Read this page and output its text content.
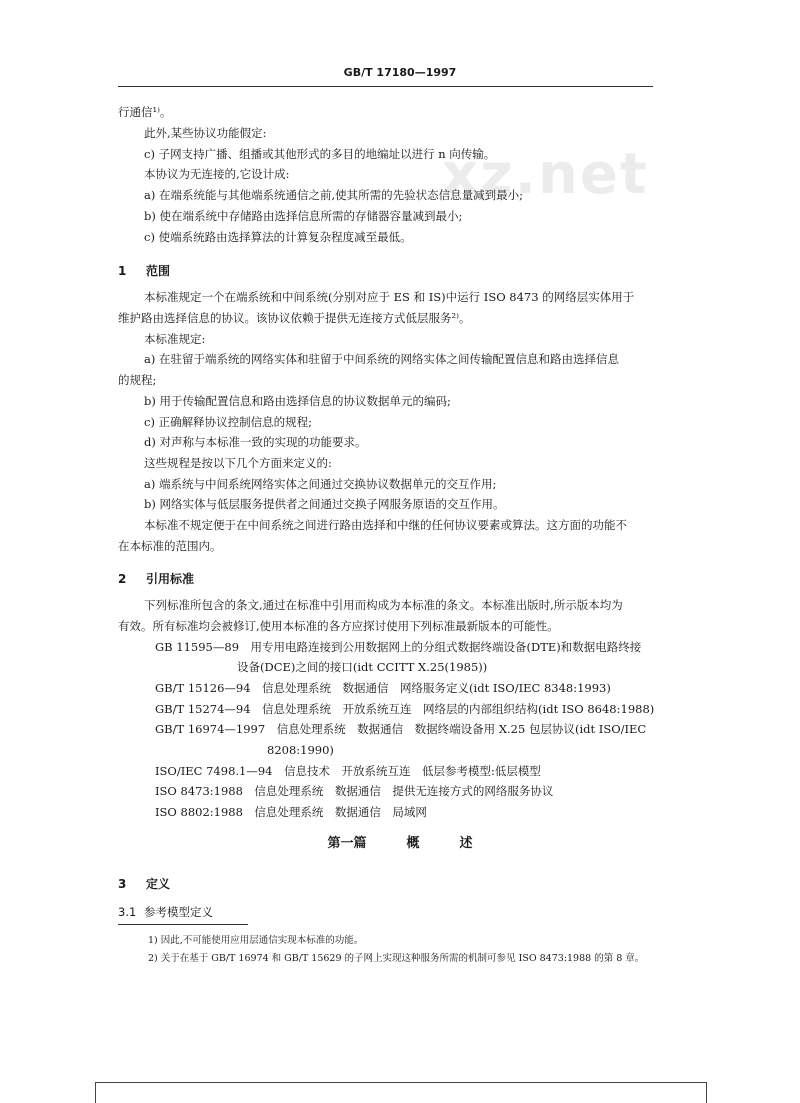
GB/T 17180—1997
xz.net
行通信¹⁾。
此外,某些协议功能假定:
c) 子网支持广播、组播或其他形式的多目的地编址以进行 n 向传输。
本协议为无连接的,它设计成:
a) 在端系统能与其他端系统通信之前,使其所需的先验状态信息量减到最小;
b) 使在端系统中存储路由选择信息所需的存储器容量减到最小;
c) 使端系统路由选择算法的计算复杂程度减至最低。
1 范围
本标准规定一个在端系统和中间系统(分别对应于 ES 和 IS)中运行 ISO 8473 的网络层实体用于
维护路由选择信息的协议。该协议依赖于提供无连接方式低层服务²⁾。
本标准规定:
a) 在驻留于端系统的网络实体和驻留于中间系统的网络实体之间传输配置信息和路由选择信息
的规程;
b) 用于传输配置信息和路由选择信息的协议数据单元的编码;
c) 正确解释协议控制信息的规程;
d) 对声称与本标准一致的实现的功能要求。
这些规程是按以下几个方面来定义的:
a) 端系统与中间系统网络实体之间通过交换协议数据单元的交互作用;
b) 网络实体与低层服务提供者之间通过交换子网服务原语的交互作用。
本标准不规定便于在中间系统之间进行路由选择和中继的任何协议要素或算法。这方面的功能不
在本标准的范围内。
2 引用标准
下列标准所包含的条文,通过在标准中引用而构成为本标准的条文。本标准出版时,所示版本均为
有效。所有标准均会被修订,使用本标准的各方应探讨使用下列标准最新版本的可能性。
GB 11595—89　用专用电路连接到公用数据网上的分组式数据终端设备(DTE)和数据电路终接
设备(DCE)之间的接口(idt CCITT X.25(1985))
GB/T 15126—94　信息处理系统　数据通信　网络服务定义(idt ISO/IEC 8348:1993)
GB/T 15274—94　信息处理系统　开放系统互连　网络层的内部组织结构(idt ISO 8648:1988)
GB/T 16974—1997　信息处理系统　数据通信　数据终端设备用 X.25 包层协议(idt ISO/IEC
8208:1990)
ISO/IEC 7498.1—94　信息技术　开放系统互连　低层参考模型:低层模型
ISO 8473:1988　信息处理系统　数据通信　提供无连接方式的网络服务协议
ISO 8802:1988　信息处理系统　数据通信　局域网
第一篇	概	述
3 定义
3.1 参考模型定义
1) 因此,不可能使用应用层通信实现本标准的功能。
2) 关于在基于 GB/T 16974 和 GB/T 15629 的子网上实现这种服务所需的机制可参见 ISO 8473:1988 的第 8 章。
